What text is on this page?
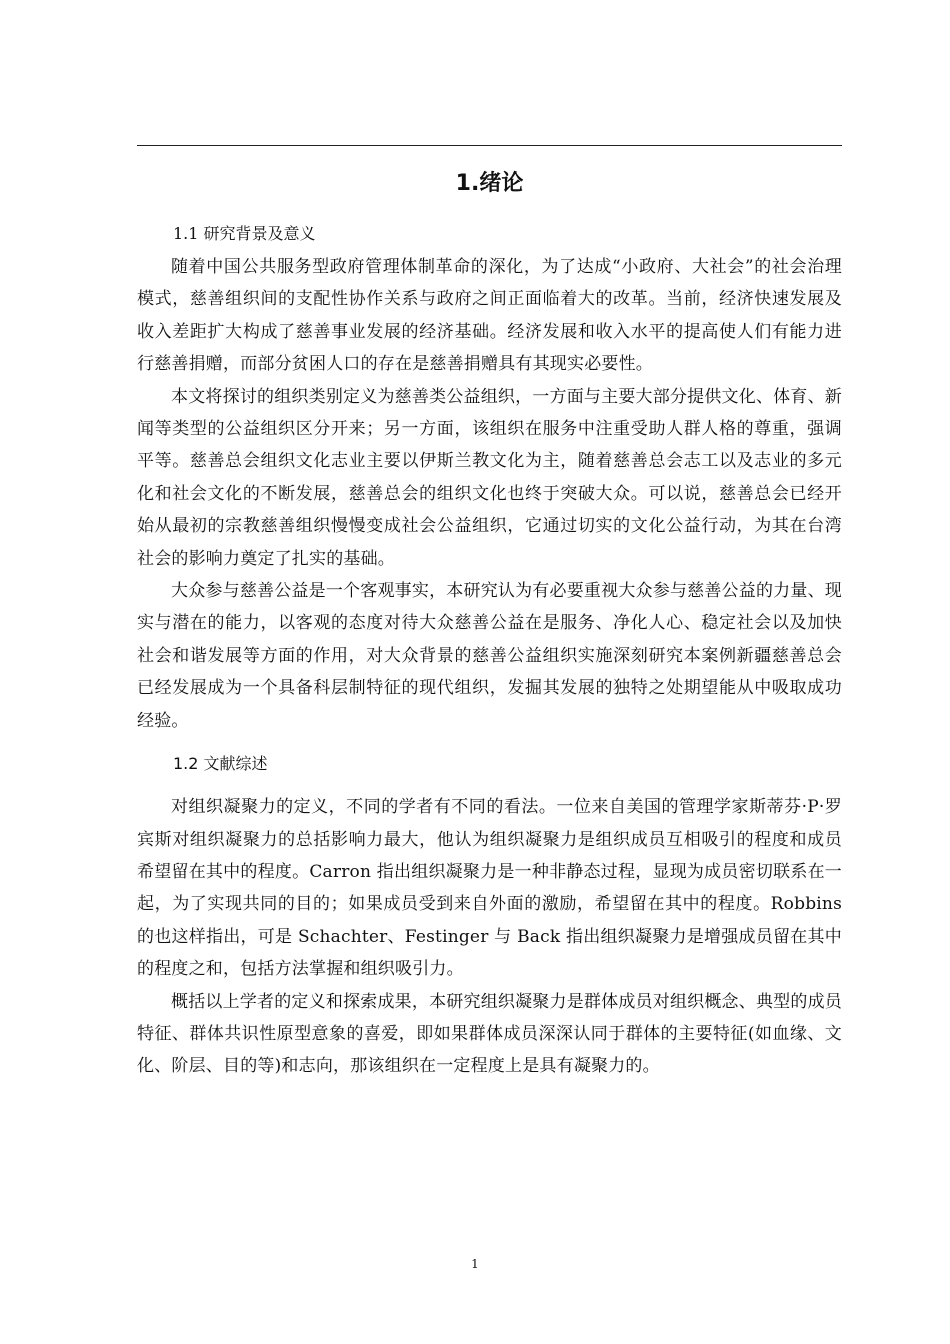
1.绪论
1.1 研究背景及意义

随着中国公共服务型政府管理体制革命的深化，为了达成“小政府、大社会”的社会治理模式，慈善组织间的支配性协作关系与政府之间正面临着大的改革。当前，经济快速发展及收入差距扩大构成了慈善事业发展的经济基础。经济发展和收入水平的提高使人们有能力进行慈善捐赠，而部分贫困人口的存在是慈善捐赠具有其现实必要性。

本文将探讨的组织类别定义为慈善类公益组织，一方面与主要大部分提供文化、体育、新闻等类型的公益组织区分开来；另一方面，该组织在服务中注重受助人群人格的尊重，强调平等。慈善总会组织文化志业主要以伊斯兰教文化为主，随着慈善总会志工以及志业的多元化和社会文化的不断发展，慈善总会的组织文化也终于突破大众。可以说，慈善总会已经开始从最初的宗教慈善组织慢慢变成社会公益组织，它通过切实的文化公益行动，为其在台湾社会的影响力奠定了扎实的基础。

大众参与慈善公益是一个客观事实，本研究认为有必要重视大众参与慈善公益的力量、现实与潜在的能力，以客观的态度对待大众慈善公益在是服务、净化人心、稳定社会以及加快社会和谐发展等方面的作用，对大众背景的慈善公益组织实施深刻研究本案例新疆慈善总会已经发展成为一个具备科层制特征的现代组织，发掘其发展的独特之处期望能从中吸取成功经验。

1.2 文献综述

对组织凝聚力的定义，不同的学者有不同的看法。一位来自美国的管理学家斯蒂芬·P·罗宾斯对组织凝聚力的总括影响力最大，他认为组织凝聚力是组织成员互相吸引的程度和成员希望留在其中的程度。Carron 指出组织凝聚力是一种非静态过程，显现为成员密切联系在一起，为了实现共同的目的；如果成员受到来自外面的激励，希望留在其中的程度。Robbins 的也这样指出，可是 Schachter、Festinger 与 Back 指出组织凝聚力是增强成员留在其中的程度之和，包括方法掌握和组织吸引力。

概括以上学者的定义和探索成果，本研究组织凝聚力是群体成员对组织概念、典型的成员特征、群体共识性原型意象的喜爱，即如果群体成员深深认同于群体的主要特征(如血缘、文化、阶层、目的等)和志向，那该组织在一定程度上是具有凝聚力的。

1
